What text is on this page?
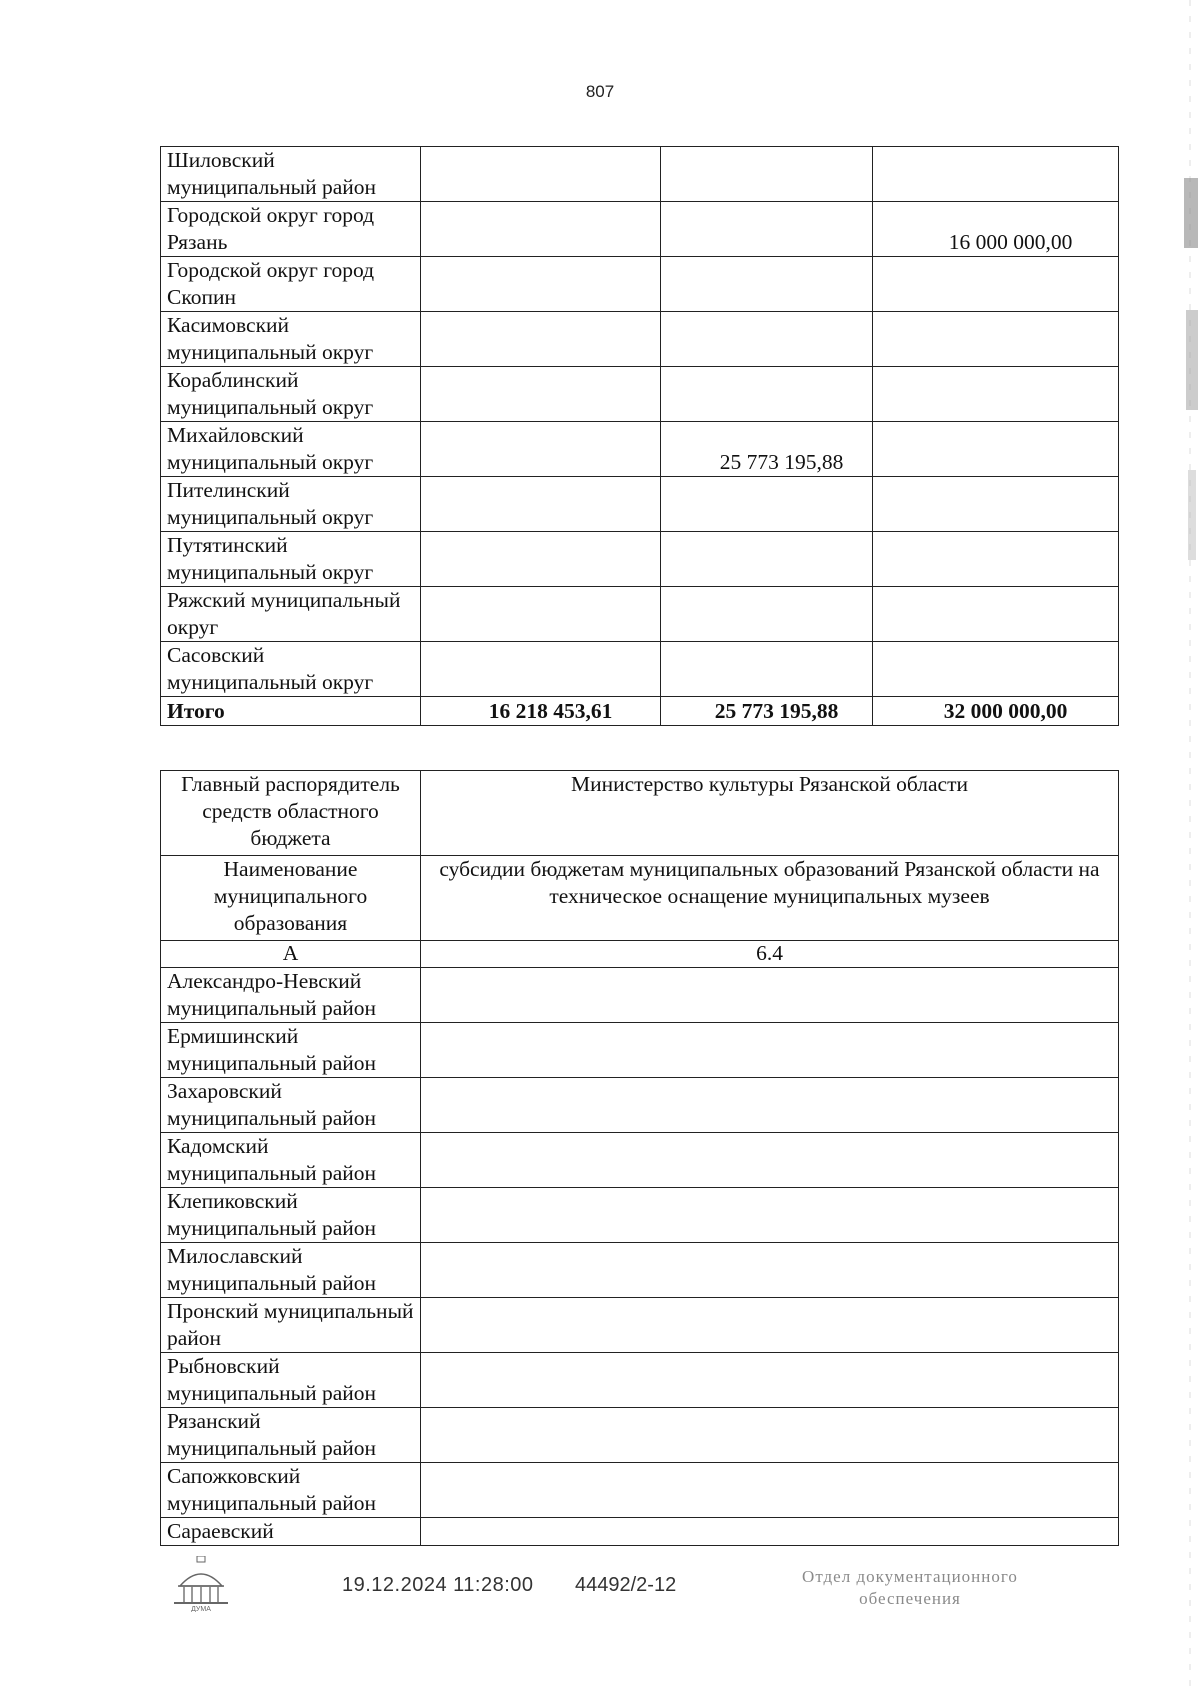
807
Шиловский муниципальный район			
Городской округ город Рязань			16 000 000,00
Городской округ город Скопин			
Касимовский муниципальный округ			
Кораблинский муниципальный округ			
Михайловский муниципальный округ		25 773 195,88	
Пителинский муниципальный округ			
Путятинский муниципальный округ			
Ряжский муниципальный округ			
Сасовский муниципальный округ			
Итого	16 218 453,61	25 773 195,88	32 000 000,00
Главный распорядитель средств областного бюджета	Министерство культуры Рязанской области
Наименование муниципального образования	субсидии бюджетам муниципальных образований Рязанской области на техническое оснащение муниципальных музеев
А	6.4
Александро-Невский муниципальный район	
Ермишинский муниципальный район	
Захаровский муниципальный район	
Кадомский муниципальный район	
Клепиковский муниципальный район	
Милославский муниципальный район	
Пронский муниципальный район	
Рыбновский муниципальный район	
Рязанский муниципальный район	
Сапожковский муниципальный район	
Сараевский	
ДУМА
19.12.2024 11:28:00 44492/2-12	Отдел документационного
обеспечения
